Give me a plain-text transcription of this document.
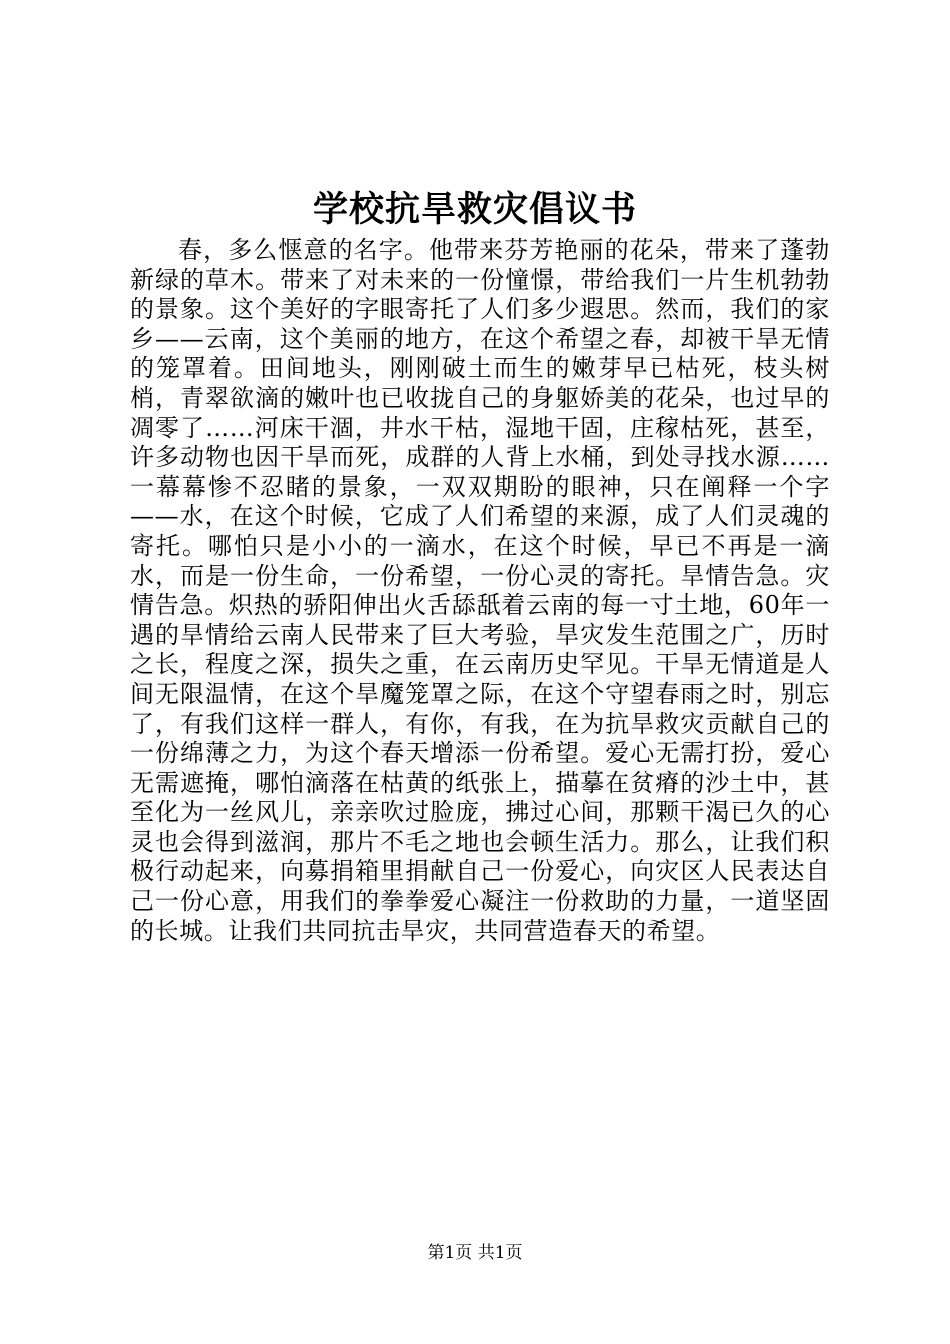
学校抗旱救灾倡议书

春，多么惬意的名字。他带来芬芳艳丽的花朵，带来了蓬勃新绿的草木。带来了对未来的一份憧憬，带给我们一片生机勃勃的景象。这个美好的字眼寄托了人们多少遐思。然而，我们的家乡——云南，这个美丽的地方，在这个希望之春，却被干旱无情的笼罩着。田间地头，刚刚破土而生的嫩芽早已枯死，枝头树梢，青翠欲滴的嫩叶也已收拢自己的身躯娇美的花朵，也过早的凋零了……河床干涸，井水干枯，湿地干固，庄稼枯死，甚至，许多动物也因干旱而死，成群的人背上水桶，到处寻找水源……一幕幕惨不忍睹的景象，一双双期盼的眼神，只在阐释一个字——水，在这个时候，它成了人们希望的来源，成了人们灵魂的寄托。哪怕只是小小的一滴水，在这个时候，早已不再是一滴水，而是一份生命，一份希望，一份心灵的寄托。旱情告急。灾情告急。炽热的骄阳伸出火舌舔舐着云南的每一寸土地，60年一遇的旱情给云南人民带来了巨大考验，旱灾发生范围之广，历时之长，程度之深，损失之重，在云南历史罕见。干旱无情道是人间无限温情，在这个旱魔笼罩之际，在这个守望春雨之时，别忘了，有我们这样一群人，有你，有我，在为抗旱救灾贡献自己的一份绵薄之力，为这个春天增添一份希望。爱心无需打扮，爱心无需遮掩，哪怕滴落在枯黄的纸张上，描摹在贫瘠的沙土中，甚至化为一丝风儿，亲亲吹过脸庞，拂过心间，那颗干渴已久的心灵也会得到滋润，那片不毛之地也会顿生活力。那么，让我们积极行动起来，向募捐箱里捐献自己一份爱心，向灾区人民表达自己一份心意，用我们的拳拳爱心凝注一份救助的力量，一道坚固的长城。让我们共同抗击旱灾，共同营造春天的希望。

第1页 共1页
